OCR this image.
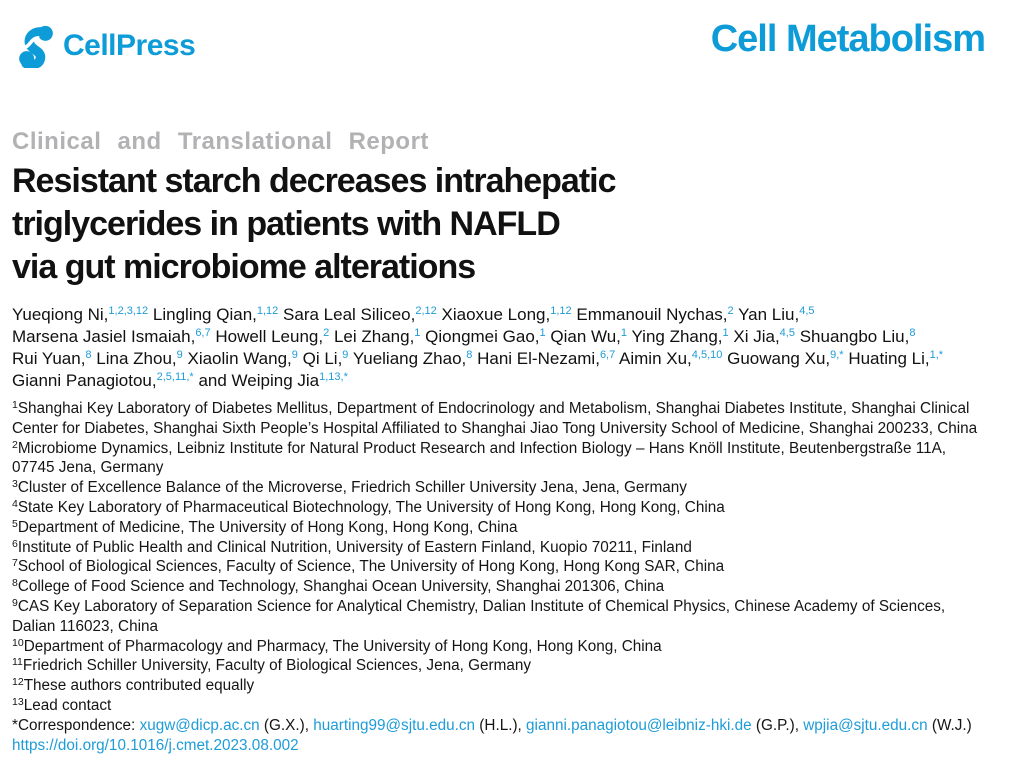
CellPress	Cell Metabolism
Clinical and Translational Report
Resistant starch decreases intrahepatic
triglycerides in patients with NAFLD
via gut microbiome alterations

Yueqiong Ni,$^{1,2,3,12}$ Lingling Qian,$^{1,12}$ Sara Leal Siliceo,$^{2,12}$ Xiaoxue Long,$^{1,12}$ Emmanouil Nychas,$^2$ Yan Liu,$^{4,5}$ Marsena Jasiel Ismaiah,$^{6,7}$ Howell Leung,$^2$ Lei Zhang,$^1$ Qiongmei Gao,$^1$ Qian Wu,$^1$ Ying Zhang,$^1$ Xi Jia,$^{4,5}$ Shuangbo Liu,$^8$ Rui Yuan,$^8$ Lina Zhou,$^9$ Xiaolin Wang,$^9$ Qi Li,$^9$ Yueliang Zhao,$^8$ Hani El-Nezami,$^{6,7}$ Aimin Xu,$^{4,5,10}$ Guowang Xu,$^{9,*}$ Huating Li,$^{1,*}$ Gianni Panagiotou,$^{2,5,11,*}$ and Weiping Jia$^{1,13,*}$

$^1$Shanghai Key Laboratory of Diabetes Mellitus, Department of Endocrinology and Metabolism, Shanghai Diabetes Institute, Shanghai Clinical Center for Diabetes, Shanghai Sixth People’s Hospital Affiliated to Shanghai Jiao Tong University School of Medicine, Shanghai 200233, China
$^2$Microbiome Dynamics, Leibniz Institute for Natural Product Research and Infection Biology – Hans Knöll Institute, Beutenbergstraße 11A, 07745 Jena, Germany
$^3$Cluster of Excellence Balance of the Microverse, Friedrich Schiller University Jena, Jena, Germany
$^4$State Key Laboratory of Pharmaceutical Biotechnology, The University of Hong Kong, Hong Kong, China
$^5$Department of Medicine, The University of Hong Kong, Hong Kong, China
$^6$Institute of Public Health and Clinical Nutrition, University of Eastern Finland, Kuopio 70211, Finland
$^7$School of Biological Sciences, Faculty of Science, The University of Hong Kong, Hong Kong SAR, China
$^8$College of Food Science and Technology, Shanghai Ocean University, Shanghai 201306, China
$^9$CAS Key Laboratory of Separation Science for Analytical Chemistry, Dalian Institute of Chemical Physics, Chinese Academy of Sciences, Dalian 116023, China
$^{10}$Department of Pharmacology and Pharmacy, The University of Hong Kong, Hong Kong, China
$^{11}$Friedrich Schiller University, Faculty of Biological Sciences, Jena, Germany
$^{12}$These authors contributed equally
$^{13}$Lead contact

*Correspondence: xugw@dicp.ac.cn (G.X.), huarting99@sjtu.edu.cn (H.L.), gianni.panagiotou@leibniz-hki.de (G.P.), wpjia@sjtu.edu.cn (W.J.)

https://doi.org/10.1016/j.cmet.2023.08.002
